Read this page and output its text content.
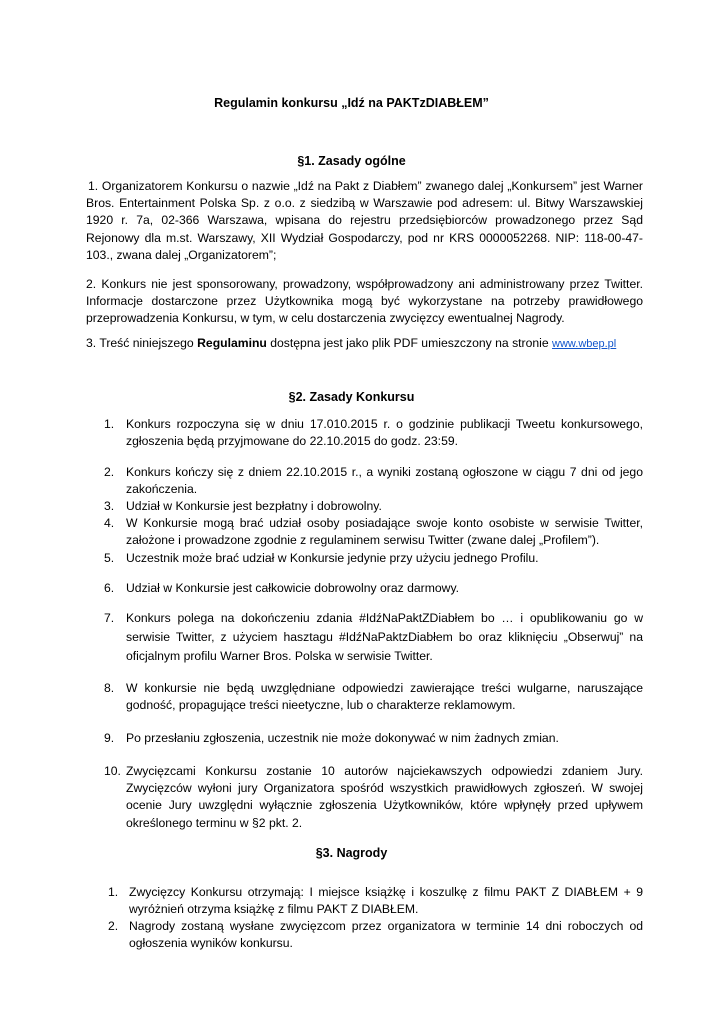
Regulamin konkursu „Idź na PAKTzDIABŁEM”
§1. Zasady ogólne
1. Organizatorem Konkursu o nazwie „Idź na Pakt z Diabłem” zwanego dalej „Konkursem” jest Warner Bros. Entertainment Polska Sp. z o.o. z siedzibą w Warszawie pod adresem: ul. Bitwy Warszawskiej 1920 r. 7a, 02-366 Warszawa, wpisana do rejestru przedsiębiorców prowadzonego przez Sąd Rejonowy dla m.st. Warszawy, XII Wydział Gospodarczy, pod nr KRS 0000052268. NIP: 118-00-47-103., zwana dalej „Organizatorem”;
2. Konkurs nie jest sponsorowany, prowadzony, współprowadzony ani administrowany przez Twitter. Informacje dostarczone przez Użytkownika mogą być wykorzystane na potrzeby prawidłowego przeprowadzenia Konkursu, w tym, w celu dostarczenia zwycięzcy ewentualnej Nagrody.
3. Treść niniejszego Regulaminu dostępna jest jako plik PDF umieszczony na stronie www.wbep.pl
§2. Zasady Konkursu
1. Konkurs rozpoczyna się w dniu 17.010.2015 r. o godzinie publikacji Tweetu konkursowego, zgłoszenia będą przyjmowane do 22.10.2015 do godz. 23:59.
2. Konkurs kończy się z dniem 22.10.2015 r., a wyniki zostaną ogłoszone w ciągu 7 dni od jego zakończenia.
3. Udział w Konkursie jest bezpłatny i dobrowolny.
4. W Konkursie mogą brać udział osoby posiadające swoje konto osobiste w serwisie Twitter, założone i prowadzone zgodnie z regulaminem serwisu Twitter (zwane dalej „Profilem”).
5. Uczestnik może brać udział w Konkursie jedynie przy użyciu jednego Profilu.
6. Udział w Konkursie jest całkowicie dobrowolny oraz darmowy.
7. Konkurs polega na dokończeniu zdania #IdźNaPaktZDiabłem bo … i opublikowaniu go w serwisie Twitter, z użyciem hasztagu #IdźNaPaktzDiabłem bo oraz kliknięciu „Obserwuj” na oficjalnym profilu Warner Bros. Polska w serwisie Twitter.
8. W konkursie nie będą uwzględniane odpowiedzi zawierające treści wulgarne, naruszające godność, propagujące treści nieetyczne, lub o charakterze reklamowym.
9. Po przesłaniu zgłoszenia, uczestnik nie może dokonywać w nim żadnych zmian.
10. Zwycięzcami Konkursu zostanie 10 autorów najciekawszych odpowiedzi zdaniem Jury. Zwycięzców wyłoni jury Organizatora spośród wszystkich prawidłowych zgłoszeń. W swojej ocenie Jury uwzględni wyłącznie zgłoszenia Użytkowników, które wpłynęły przed upływem określonego terminu w §2 pkt. 2.
§3. Nagrody
1. Zwycięzcy Konkursu otrzymają: I miejsce książkę i koszulkę z filmu PAKT Z DIABŁEM + 9 wyróżnień otrzyma książkę z filmu PAKT Z DIABŁEM.
2. Nagrody zostaną wysłane zwycięzcom przez organizatora w terminie 14 dni roboczych od ogłoszenia wyników konkursu.
